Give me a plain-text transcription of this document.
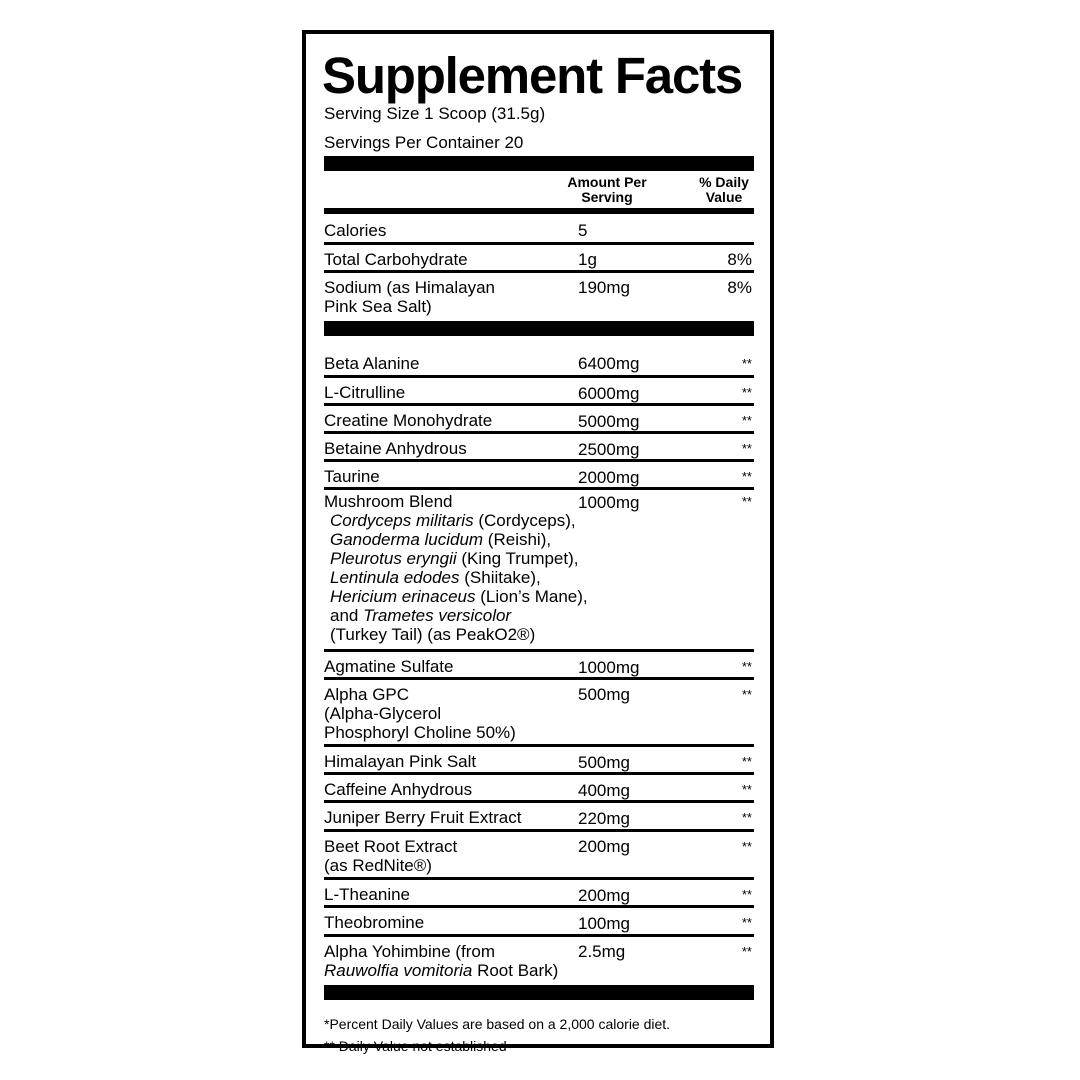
Supplement Facts
Serving Size 1 Scoop (31.5g)
Servings Per Container 20
Amount Per
Serving
% Daily
Value
Calories	5
Total Carbohydrate	1g	8%
Sodium (as Himalayan
Pink Sea Salt)
190mg	8%
Beta Alanine	6400mg	**
L-Citrulline	6000mg	**
Creatine Monohydrate	5000mg	**
Betaine Anhydrous	2500mg	**
Taurine	2000mg	**
Mushroom Blend
Cordyceps militaris (Cordyceps),
Ganoderma lucidum (Reishi),
Pleurotus eryngii (King Trumpet),
Lentinula edodes (Shiitake),
Hericium erinaceus (Lion’s Mane),
and Trametes versicolor
(Turkey Tail) (as PeakO2®)
1000mg	**
Agmatine Sulfate	1000mg	**
Alpha GPC
(Alpha-Glycerol
Phosphoryl Choline 50%)
500mg	**
Himalayan Pink Salt	500mg	**
Caffeine Anhydrous	400mg	**
Juniper Berry Fruit Extract	220mg	**
Beet Root Extract
(as RedNite®)
200mg	**
L-Theanine	200mg	**
Theobromine	100mg	**
Alpha Yohimbine (from
Rauwolfia vomitoria Root Bark)
2.5mg	**
*Percent Daily Values are based on a 2,000 calorie diet.
** Daily Value not established
